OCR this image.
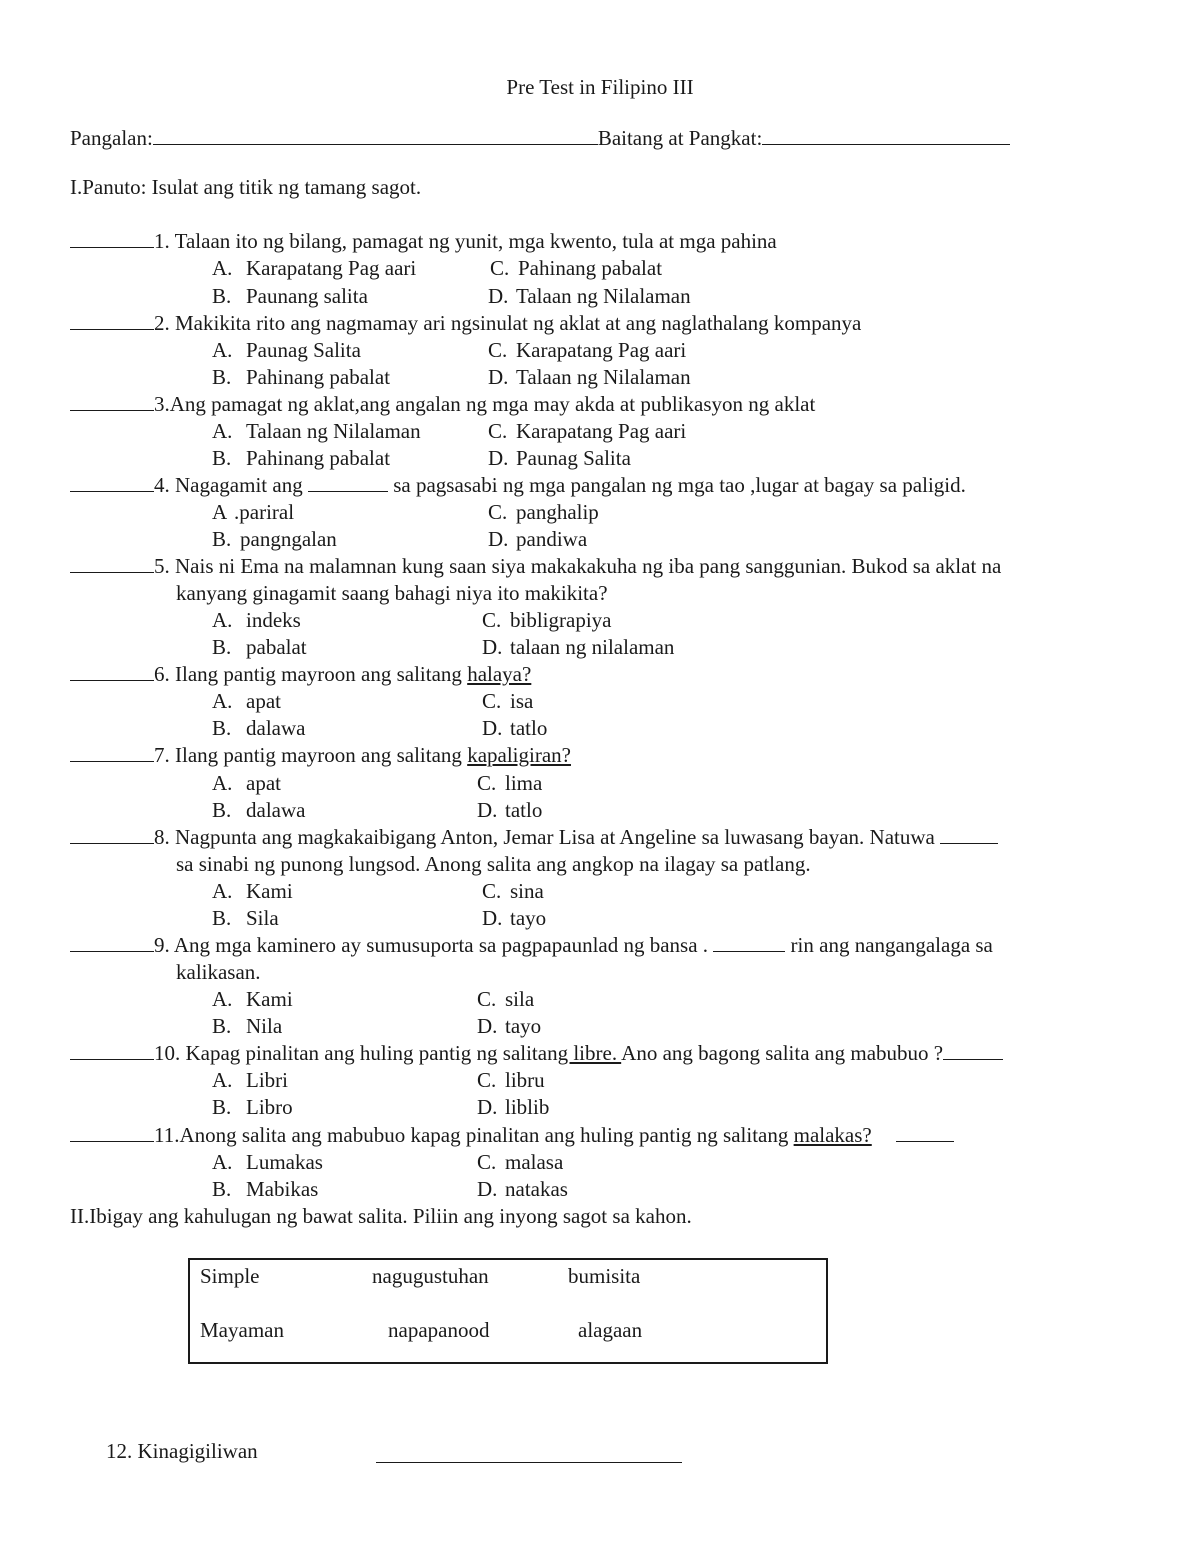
Pre Test in Filipino III
Pangalan:	Baitang at Pangkat:
I.Panuto: Isulat ang titik ng tamang sagot.
1. Talaan ito ng bilang, pamagat ng yunit, mga kwento, tula at mga pahina
A. Karapatang Pag aari	C. Pahinang pabalat
B. Paunang salita	D. Talaan ng Nilalaman
2. Makikita rito ang nagmamay ari ngsinulat ng aklat at ang naglathalang kompanya
A. Paunag Salita	C. Karapatang Pag aari
B. Pahinang pabalat	D. Talaan ng Nilalaman
3.Ang pamagat ng aklat,ang angalan ng mga may akda at publikasyon ng aklat
A. Talaan ng Nilalaman	C. Karapatang Pag aari
B. Pahinang pabalat	D. Paunag Salita
4. Nagagamit ang	sa pagsasabi ng mga pangalan ng mga tao ,lugar at bagay sa paligid.
A .pariral	C. panghalip
B. pangngalan	D. pandiwa
5. Nais ni Ema na malamnan kung saan siya makakakuha ng iba pang sanggunian. Bukod sa aklat na
kanyang ginagamit saang bahagi niya ito makikita?
A. indeks	C. bibligrapiya
B. pabalat	D. talaan ng nilalaman
6. Ilang pantig mayroon ang salitang halaya?
A. apat	C. isa
B. dalawa	D. tatlo
7. Ilang pantig mayroon ang salitang kapaligiran?
A. apat	C. lima
B. dalawa	D. tatlo
8. Nagpunta ang magkakaibigang Anton, Jemar Lisa at Angeline sa luwasang bayan. Natuwa
sa sinabi ng punong lungsod. Anong salita ang angkop na ilagay sa patlang.
A. Kami	C. sina
B. Sila	D. tayo
9. Ang mga kaminero ay sumusuporta sa pagpapaunlad ng bansa .	rin ang nangangalaga sa
kalikasan.
A. Kami	C. sila
B. Nila	D. tayo
10. Kapag pinalitan ang huling pantig ng salitang libre. Ano ang bagong salita ang mabubuo ?
A. Libri	C. libru
B. Libro	D. liblib
11.Anong salita ang mabubuo kapag pinalitan ang huling pantig ng salitang malakas?
A. Lumakas	C. malasa
B. Mabikas	D. natakas
II.Ibigay ang kahulugan ng bawat salita. Piliin ang inyong sagot sa kahon.
Simple	nagugustuhan	bumisita
Mayaman	napapanood	alagaan
12. Kinagigiliwan
